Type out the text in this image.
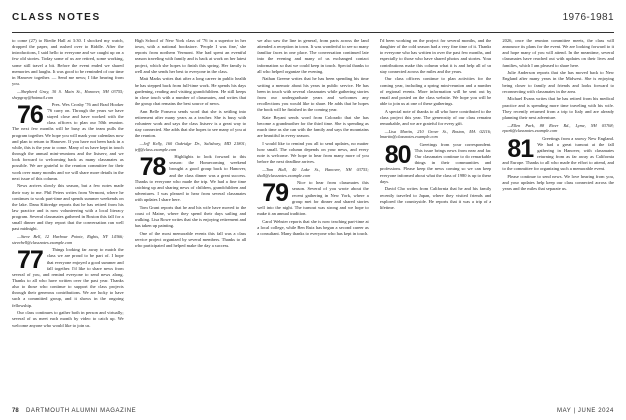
CLASS NOTES	1976-1981

to come (27) to Riedie Hall at 3:30. I shocked my watch, dropped the paper, and rushed over to Riddle. After the introductions, I said hello to everyone and we caught up on a few old stories. Today some of us are retired, some working, some still travel a bit. Before the event ended we shared memories and laughs. It was good to be reminded of our time in Hanover together. — Send me news; I like hearing from you.

—Shepherd Gray, 30 S. Main St., Hanover, NH 03755; shepgray@hotmail.com

76 Pres. Wes Crosby '76 and Brad Hooker '76 carry on. Through the years we have stayed close and have worked with the class officers to plan our 50th reunion. The next few months will be busy as the team pulls the program together. We hope you will mark your calendars now and plan to return to Hanover. If you have not been back in a while, this is the year to come. Many of us have kept in touch through the annual mini-reunions and the listserv, and we look forward to welcoming back as many classmates as possible. We are grateful to the reunion committee for their work over many months and we will share more details in the next issue of this column.

News arrives slowly this season, but a few notes made their way to me. Phil Peters writes from Vermont, where he continues to work part-time and spends summer weekends on the lake. Dana Kittredge reports that he has retired from his law practice and is now volunteering with a local literacy program. Several classmates gathered in Boston this fall for a small dinner and they report that the conversation ran well past midnight.

—Steve Bell, 12 Harbour Pointe, Rights, NY 14366; stevebell@classnotes.example.com

77 Things looking far away to match the class we are proud to be part of. I hope that everyone enjoyed a good summer and fall together. I'd like to share news from several of you, and remind everyone to send news along. Thanks to all who have written over the past year. Thanks also to those who continue to support the class projects through their generous contributions. We are lucky to have such a committed group, and it shows in the ongoing fellowship.

Our class continues to gather both in person and virtually; several of us meet each month by video to catch up. We welcome anyone who would like to join us.

High School of New York class of '76 in a superior in her town, with a national bookstore. 'People I was fine,' she reports from northern Vermont. She had spent an eventful season traveling with family and is back at work on her latest project, which she hopes to finish this spring. Her family is well and she sends her best to everyone in the class.

Matt Marks writes that after a long career in public health he has stepped back from full-time work. He spends his days gardening, reading and visiting grandchildren. He still keeps in close touch with a number of classmates, and writes that the group chat remains the best source of news.

Ann Belle Fonseca sends word that she is settling into retirement after many years as a teacher. She is busy with volunteer work and says the class listserv is a great way to stay connected. She adds that she hopes to see many of you at the reunion.

—Jeff Kelly, 160 Oakridge Dr., Salisbury, MD 21801; jeff@class.example.com

78 Highlights to look forward to this season: the Homecoming weekend brought a good group back to Hanover, and the class dinner was a great success. Thanks to everyone who made the trip. We had a fine time catching up and sharing news of children, grandchildren and adventures. I was pleased to hear from several classmates with updates I share here.

Tom Grant reports that he and his wife have moved to the coast of Maine, where they spend their days sailing and walking. Lisa Rowe writes that she is enjoying retirement and has taken up painting.

One of the most memorable events this fall was a class service project organized by several members. Thanks to all who participated and helped make the day a success.

we also saw the line in general, from parts across the land attended a reception in town. It was wonderful to see so many familiar faces in one place. The conversation continued late into the evening and many of us exchanged contact information so that we could keep in touch. Special thanks to all who helped organize the evening.

Nathan Greene writes that he has been spending his time writing a memoir about his years in public service. He has been in touch with several classmates while gathering stories from our undergraduate years and welcomes any recollections you would like to share. He adds that he hopes the book will be finished in the coming year.

Kate Bryant sends word from Colorado that she has become a grandmother for the third time. She is spending as much time as she can with the family and says the mountains are beautiful in every season.

I would like to remind you all to send updates, no matter how small. The column depends on your news, and every note is welcome. We hope to hear from many more of you before the next deadline arrives.

—Tom Hall, 40 Lake St., Hanover, NH 03755; thall@classnotes.example.com

79 Nice to hear from classmates this season. Several of you wrote about the recent gathering in New York, where a group met for dinner and shared stories well into the night. The turnout was strong and we hope to make it an annual tradition.

Carol Webster reports that she is now teaching part-time at a local college, while Ben Ruiz has begun a second career as a consultant. Many thanks to everyone who has kept in touch.

I'd been working on the project for several months, and the daughter of the cold season had a very fine time of it. Thanks to everyone who has written in over the past few months, and especially to those who have shared photos and stories. Your contributions make this column what it is and help all of us stay connected across the miles and the years.

Our class officers continue to plan activities for the coming year, including a spring mini-reunion and a number of regional events. More information will be sent out by email and posted on the class website. We hope you will be able to join us at one of these gatherings.

A special note of thanks to all who have contributed to the class project this year. The generosity of our class remains remarkable, and we are grateful for every gift.

—Lisa Martin, 210 Grove St., Boston, MA 02116; lmartin@classnotes.example.com

80 Greetings from your correspondent. This issue brings news from near and far. Our classmates continue to do remarkable things in their communities and professions. Please keep the news coming so we can keep everyone informed about what the class of 1980 is up to these days.

David Cho writes from California that he and his family recently traveled to Japan, where they visited friends and explored the countryside. He reports that it was a trip of a lifetime.

2026, once the reunion committee meets, the class will announce its plans for the event. We are looking forward to it and hope many of you will attend. In the meantime, several classmates have reached out with updates on their lives and families, which I am pleased to share here.

Julie Anderson reports that she has moved back to New England after many years in the Midwest. She is enjoying being closer to family and friends and looks forward to reconnecting with classmates in the area.

Michael Evans writes that he has retired from his medical practice and is spending more time traveling with his wife. They recently returned from a trip to Italy and are already planning their next adventure.

—Ellen Park, 88 River Rd., Lyme, NH 03768; epark@classnotes.example.com

81 Greetings from a snowy New England. We had a great turnout at the fall gathering in Hanover, with classmates returning from as far away as California and Europe. Thanks to all who made the effort to attend, and to the committee for organizing such a memorable event.

Please continue to send news. We love hearing from you, and your updates help keep our class connected across the years and the miles that separate us.

78 DARTMOUTH ALUMNI MAGAZINE	MAY | JUNE 2024
